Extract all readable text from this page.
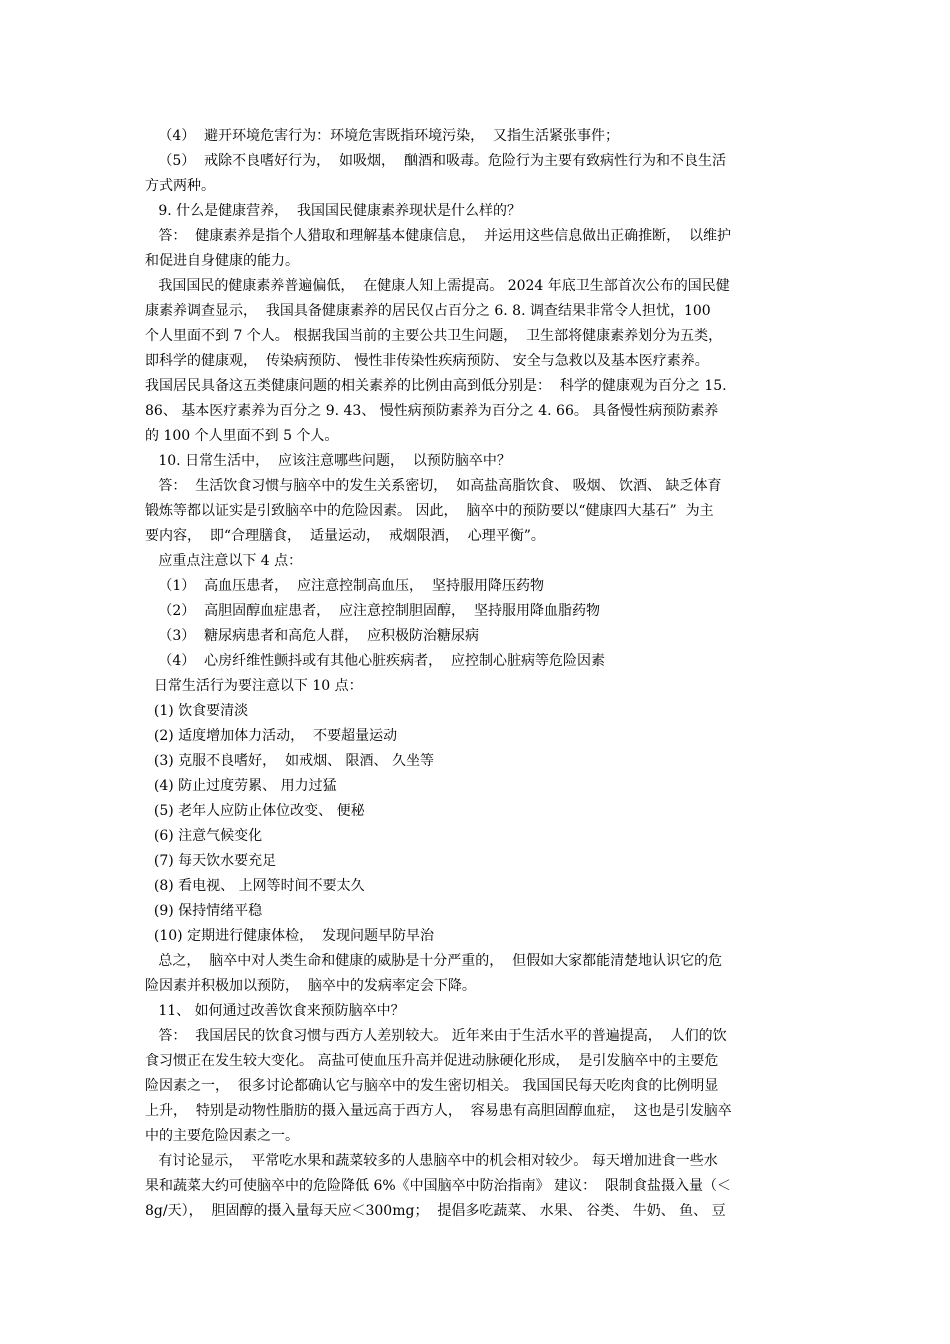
（4）  避开环境危害行为：环境危害既指环境污染，  又指生活紧张事件；
（5）  戒除不良嗜好行为，  如吸烟，  酗酒和吸毒。危险行为主要有致病性行为和不良生活
方式两种。
9. 什么是健康营养，  我国国民健康素养现状是什么样的？
答：  健康素养是指个人猎取和理解基本健康信息，  并运用这些信息做出正确推断，  以维护
和促进自身健康的能力。
我国国民的健康素养普遍偏低，  在健康人知上需提高。 2024 年底卫生部首次公布的国民健
康素养调查显示，  我国具备健康素养的居民仅占百分之 6. 8. 调查结果非常令人担忧，100
个人里面不到 7 个人。 根据我国当前的主要公共卫生问题，  卫生部将健康素养划分为五类，
即科学的健康观，  传染病预防、 慢性非传染性疾病预防、 安全与急救以及基本医疗素养。
我国居民具备这五类健康问题的相关素养的比例由高到低分别是：  科学的健康观为百分之 15.
86、 基本医疗素养为百分之 9. 43、 慢性病预防素养为百分之 4. 66。 具备慢性病预防素养
的 100 个人里面不到 5 个人。
10. 日常生活中，  应该注意哪些问题，  以预防脑卒中？
答：  生活饮食习惯与脑卒中的发生关系密切，  如高盐高脂饮食、 吸烟、 饮酒、 缺乏体育
锻炼等都以证实是引致脑卒中的危险因素。 因此，  脑卒中的预防要以“健康四大基石”  为主
要内容，  即“合理膳食，  适量运动，  戒烟限酒，  心理平衡”。
应重点注意以下 4 点：
（1）  高血压患者，  应注意控制高血压，  坚持服用降压药物
（2）  高胆固醇血症患者，  应注意控制胆固醇，  坚持服用降血脂药物
（3）  糖尿病患者和高危人群，  应积极防治糖尿病
（4）  心房纤维性颤抖或有其他心脏疾病者，  应控制心脏病等危险因素
日常生活行为要注意以下 10 点：
(1) 饮食要清淡
(2) 适度增加体力活动，  不要超量运动
(3) 克服不良嗜好，  如戒烟、 限酒、 久坐等
(4) 防止过度劳累、 用力过猛
(5) 老年人应防止体位改变、 便秘
(6) 注意气候变化
(7) 每天饮水要充足
(8) 看电视、 上网等时间不要太久
(9) 保持情绪平稳
(10) 定期进行健康体检，  发现问题早防早治
总之，  脑卒中对人类生命和健康的威胁是十分严重的，  但假如大家都能清楚地认识它的危
险因素并积极加以预防，  脑卒中的发病率定会下降。
11、 如何通过改善饮食来预防脑卒中？
答：  我国居民的饮食习惯与西方人差别较大。 近年来由于生活水平的普遍提高，  人们的饮
食习惯正在发生较大变化。 高盐可使血压升高并促进动脉硬化形成，  是引发脑卒中的主要危
险因素之一，  很多讨论都确认它与脑卒中的发生密切相关。 我国国民每天吃肉食的比例明显
上升，  特别是动物性脂肪的摄入量远高于西方人，  容易患有高胆固醇血症，  这也是引发脑卒
中的主要危险因素之一。
有讨论显示，  平常吃水果和蔬菜较多的人患脑卒中的机会相对较少。 每天增加进食一些水
果和蔬菜大约可使脑卒中的危险降低 6%《中国脑卒中防治指南》 建议：  限制食盐摄入量（＜
8g/天），  胆固醇的摄入量每天应＜300mg；  提倡多吃蔬菜、 水果、 谷类、 牛奶、 鱼、 豆
